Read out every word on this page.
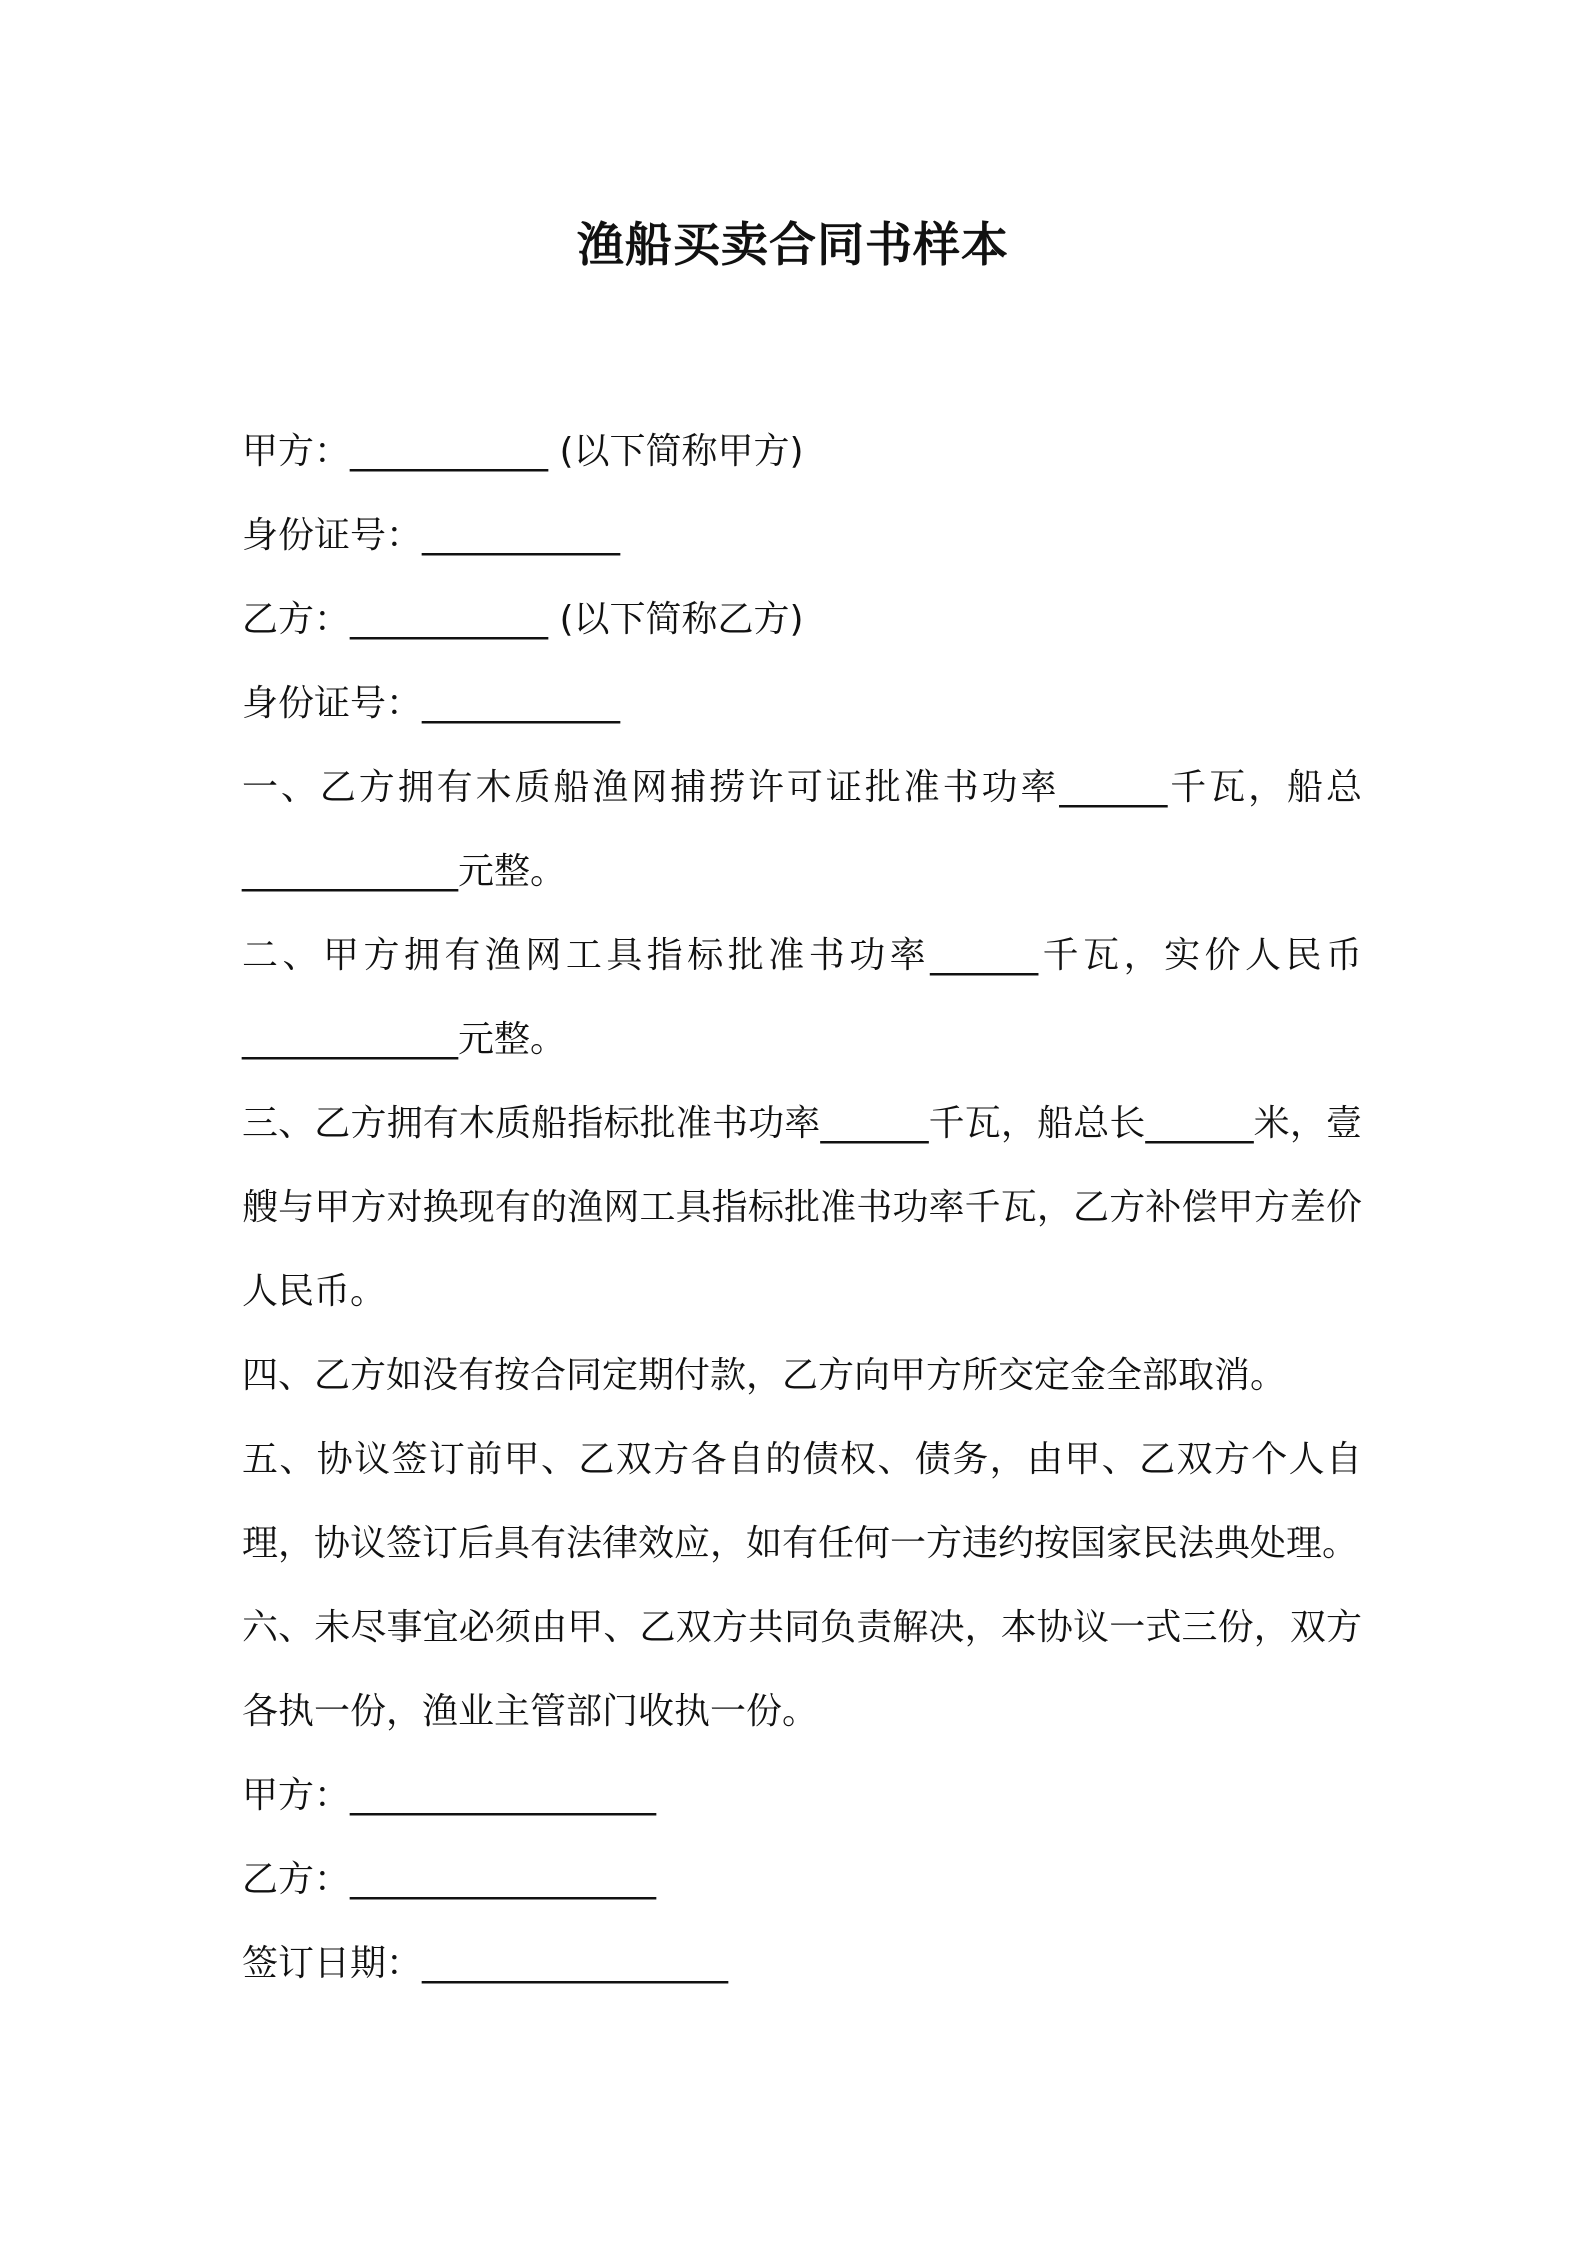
渔船买卖合同书样本

甲方：___________ (以下简称甲方)

身份证号：___________

乙方：___________ (以下简称乙方)

身份证号：___________

一、乙方拥有木质船渔网捕捞许可证批准书功率______千瓦，船总____________元整。

二、甲方拥有渔网工具指标批准书功率______千瓦，实价人民币____________元整。

三、乙方拥有木质船指标批准书功率______千瓦，船总长______米，壹艘与甲方对换现有的渔网工具指标批准书功率千瓦，乙方补偿甲方差价 人民币。

四、乙方如没有按合同定期付款，乙方向甲方所交定金全部取消。

五、协议签订前甲、乙双方各自的债权、债务，由甲、乙双方个人自理，协议签订后具有法律效应，如有任何一方违约按国家民法典处理。

六、未尽事宜必须由甲、乙双方共同负责解决，本协议一式三份，双方各执一份，渔业主管部门收执一份。

甲方：_________________

乙方：_________________

签订日期：_________________
